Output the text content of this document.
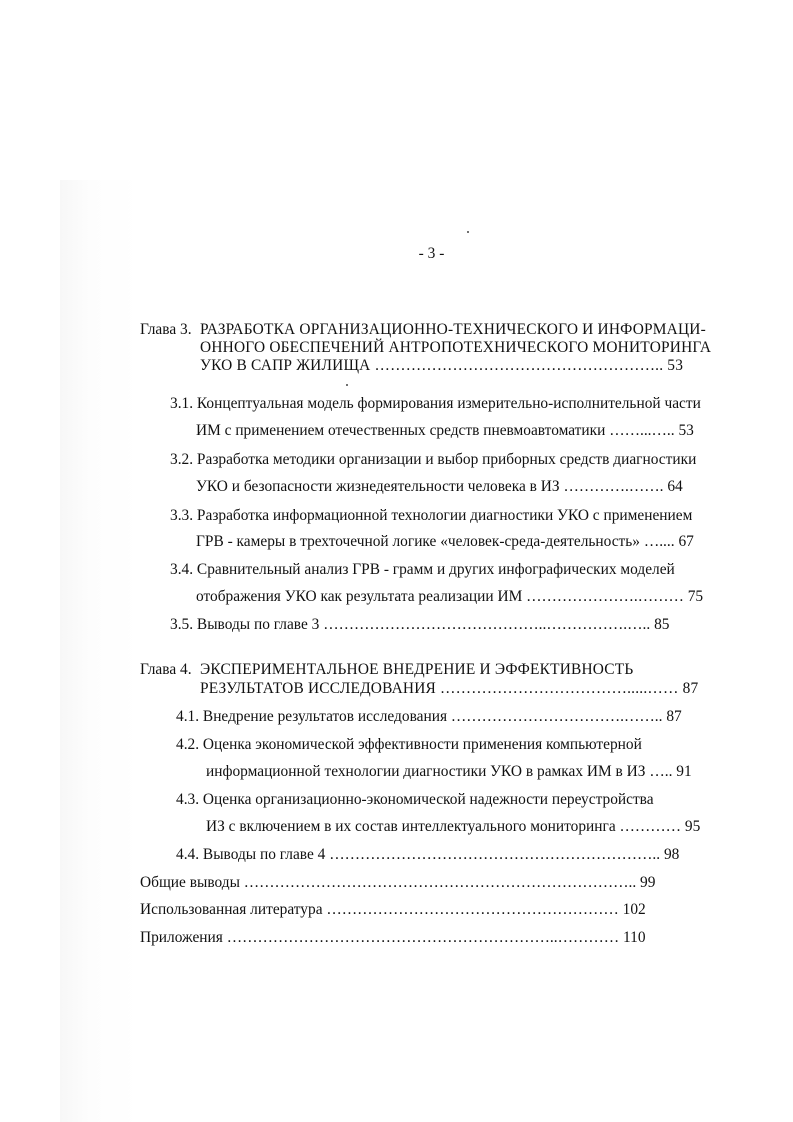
- 3 -
Глава 3. РАЗРАБОТКА ОРГАНИЗАЦИОННО-ТЕХНИЧЕСКОГО И ИНФОРМАЦИ-
ОННОГО ОБЕСПЕЧЕНИЙ АНТРОПОТЕХНИЧЕСКОГО МОНИТОРИНГА
УКО В САПР ЖИЛИЩА ……………………………………………….. 53
3.1. Концептуальная модель формирования измерительно-исполнительной части
ИМ с применением отечественных средств пневмоавтоматики ……...….. 53
3.2. Разработка методики организации и выбор приборных средств диагностики
УКО и безопасности жизнедеятельности человека в ИЗ ………….……. 64
3.3. Разработка информационной технологии диагностики УКО с применением
ГРВ - камеры в трехточечной логике «человек-среда-деятельность» ….... 67
3.4. Сравнительный анализ ГРВ - грамм и других инфографических моделей
отображения УКО как результата реализации ИМ ………………….……… 75
3.5. Выводы по главе 3 ……………………………………..…………….….. 85
Глава 4. ЭКСПЕРИМЕНТАЛЬНОЕ ВНЕДРЕНИЕ И ЭФФЕКТИВНОСТЬ
РЕЗУЛЬТАТОВ ИССЛЕДОВАНИЯ ……………………………….....…… 87
4.1. Внедрение результатов исследования …………………………….…….. 87
4.2. Оценка экономической эффективности применения компьютерной
информационной технологии диагностики УКО в рамках ИМ в ИЗ ….. 91
4.3. Оценка организационно-экономической надежности переустройства
ИЗ с включением в их состав интеллектуального мониторинга ………… 95
4.4. Выводы по главе 4 ……………………………………………………….. 98
Общие выводы ………………………………………………………………….. 99
Использованная литература ………………………………………………… 102
Приложения ………………………………………………………..………… 110
